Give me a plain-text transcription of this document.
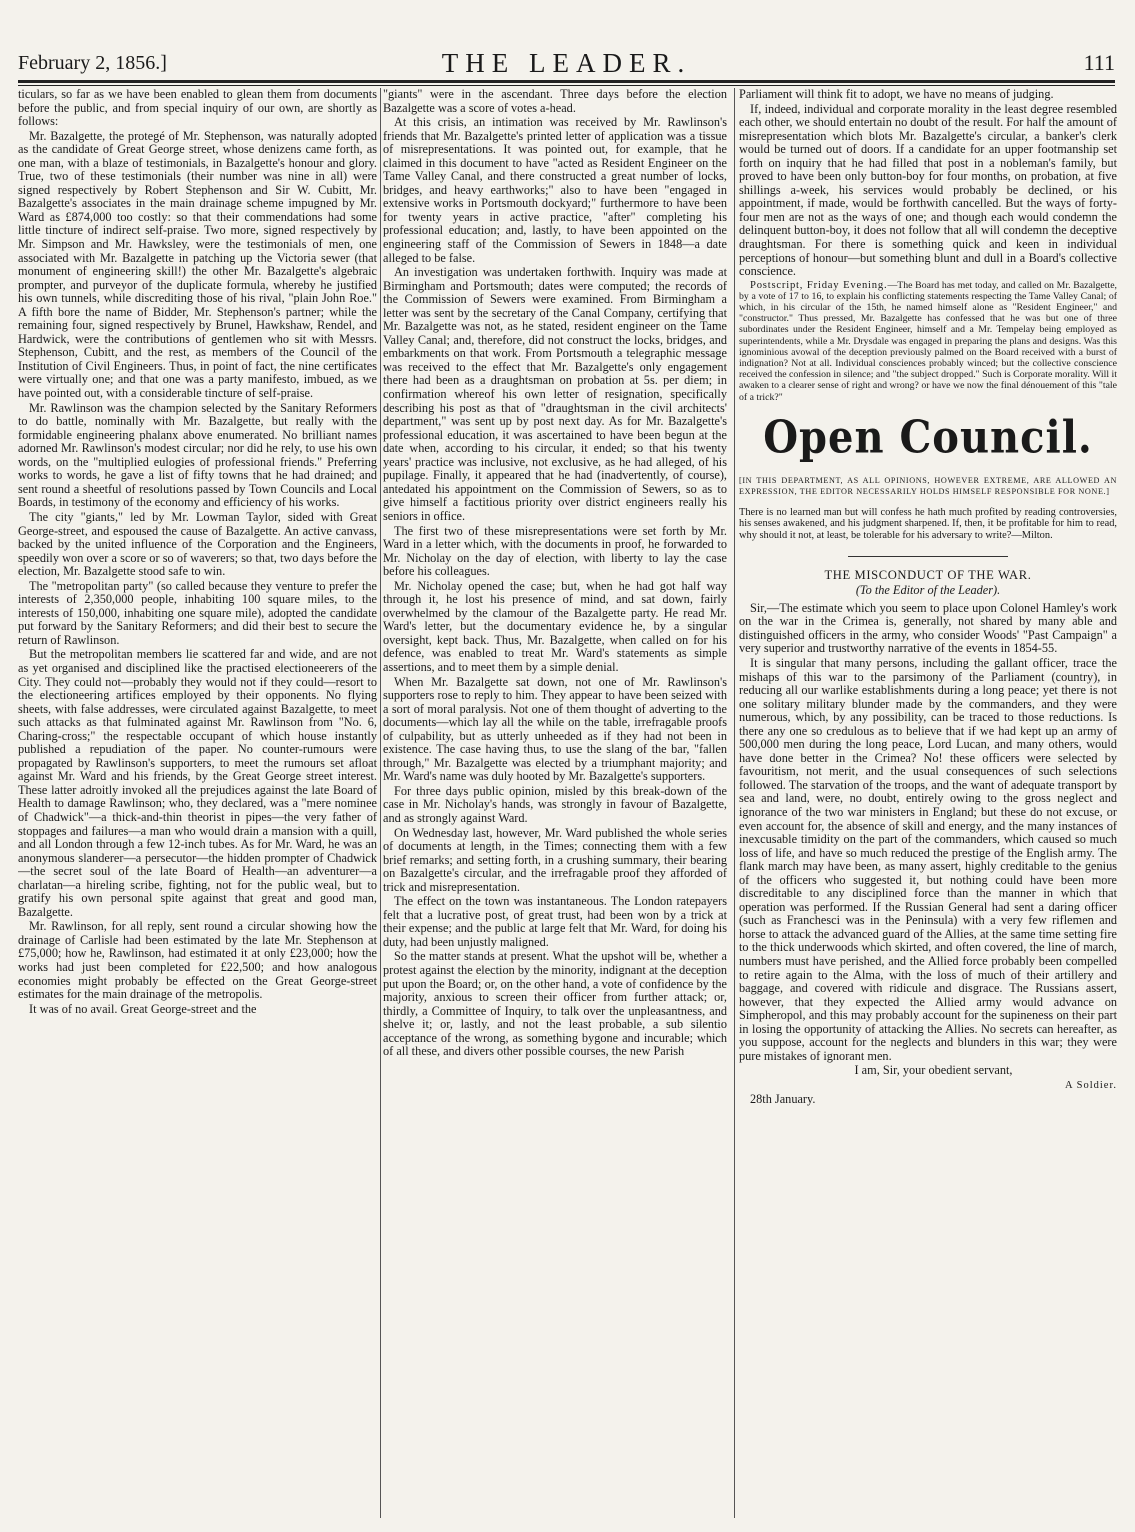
February 2, 1856.]	THE LEADER.	111

ticulars, so far as we have been enabled to glean them from documents before the public, and from special inquiry of our own, are shortly as follows:

Mr. Bazalgette, the protegé of Mr. Stephenson, was naturally adopted as the candidate of Great George street, whose denizens came forth, as one man, with a blaze of testimonials, in Bazalgette's honour and glory. True, two of these testimonials (their number was nine in all) were signed respectively by Robert Stephenson and Sir W. Cubitt, Mr. Bazalgette's associates in the main drainage scheme impugned by Mr. Ward as £874,000 too costly: so that their commendations had some little tincture of indirect self-praise. Two more, signed respectively by Mr. Simpson and Mr. Hawksley, were the testimonials of men, one associated with Mr. Bazalgette in patching up the Victoria sewer (that monument of engineering skill!) the other Mr. Bazalgette's algebraic prompter, and purveyor of the duplicate formula, whereby he justified his own tunnels, while discrediting those of his rival, "plain John Roe." A fifth bore the name of Bidder, Mr. Stephenson's partner; while the remaining four, signed respectively by Brunel, Hawkshaw, Rendel, and Hardwick, were the contributions of gentlemen who sit with Messrs. Stephenson, Cubitt, and the rest, as members of the Council of the Institution of Civil Engineers. Thus, in point of fact, the nine certificates were virtually one; and that one was a party manifesto, imbued, as we have pointed out, with a considerable tincture of self-praise.

Mr. Rawlinson was the champion selected by the Sanitary Reformers to do battle, nominally with Mr. Bazalgette, but really with the formidable engineering phalanx above enumerated. No brilliant names adorned Mr. Rawlinson's modest circular; nor did he rely, to use his own words, on the "multiplied eulogies of professional friends." Preferring works to words, he gave a list of fifty towns that he had drained; and sent round a sheetful of resolutions passed by Town Councils and Local Boards, in testimony of the economy and efficiency of his works.

The city "giants," led by Mr. Lowman Taylor, sided with Great George-street, and espoused the cause of Bazalgette. An active canvass, backed by the united influence of the Corporation and the Engineers, speedily won over a score or so of waverers; so that, two days before the election, Mr. Bazalgette stood safe to win.

The "metropolitan party" (so called because they venture to prefer the interests of 2,350,000 people, inhabiting 100 square miles, to the interests of 150,000, inhabiting one square mile), adopted the candidate put forward by the Sanitary Reformers; and did their best to secure the return of Rawlinson.

But the metropolitan members lie scattered far and wide, and are not as yet organised and disciplined like the practised electioneerers of the City. They could not—probably they would not if they could—resort to the electioneering artifices employed by their opponents. No flying sheets, with false addresses, were circulated against Bazalgette, to meet such attacks as that fulminated against Mr. Rawlinson from "No. 6, Charing-cross;" the respectable occupant of which house instantly published a repudiation of the paper. No counter-rumours were propagated by Rawlinson's supporters, to meet the rumours set afloat against Mr. Ward and his friends, by the Great George street interest. These latter adroitly invoked all the prejudices against the late Board of Health to damage Rawlinson; who, they declared, was a "mere nominee of Chadwick"—a thick-and-thin theorist in pipes—the very father of stoppages and failures—a man who would drain a mansion with a quill, and all London through a few 12-inch tubes. As for Mr. Ward, he was an anonymous slanderer—a persecutor—the hidden prompter of Chadwick—the secret soul of the late Board of Health—an adventurer—a charlatan—a hireling scribe, fighting, not for the public weal, but to gratify his own personal spite against that great and good man, Bazalgette.

Mr. Rawlinson, for all reply, sent round a circular showing how the drainage of Carlisle had been estimated by the late Mr. Stephenson at £75,000; how he, Rawlinson, had estimated it at only £23,000; how the works had just been completed for £22,500; and how analogous economies might probably be effected on the Great George-street estimates for the main drainage of the metropolis.

It was of no avail. Great George-street and the

"giants" were in the ascendant. Three days before the election Bazalgette was a score of votes a-head.

At this crisis, an intimation was received by Mr. Rawlinson's friends that Mr. Bazalgette's printed letter of application was a tissue of misrepresentations. It was pointed out, for example, that he claimed in this document to have "acted as Resident Engineer on the Tame Valley Canal, and there constructed a great number of locks, bridges, and heavy earthworks;" also to have been "engaged in extensive works in Portsmouth dockyard;" furthermore to have been for twenty years in active practice, "after" completing his professional education; and, lastly, to have been appointed on the engineering staff of the Commission of Sewers in 1848—a date alleged to be false.

An investigation was undertaken forthwith. Inquiry was made at Birmingham and Portsmouth; dates were computed; the records of the Commission of Sewers were examined. From Birmingham a letter was sent by the secretary of the Canal Company, certifying that Mr. Bazalgette was not, as he stated, resident engineer on the Tame Valley Canal; and, therefore, did not construct the locks, bridges, and embarkments on that work. From Portsmouth a telegraphic message was received to the effect that Mr. Bazalgette's only engagement there had been as a draughtsman on probation at 5s. per diem; in confirmation whereof his own letter of resignation, specifically describing his post as that of "draughtsman in the civil architects' department," was sent up by post next day. As for Mr. Bazalgette's professional education, it was ascertained to have been begun at the date when, according to his circular, it ended; so that his twenty years' practice was inclusive, not exclusive, as he had alleged, of his pupilage. Finally, it appeared that he had (inadvertently, of course), antedated his appointment on the Commission of Sewers, so as to give himself a factitious priority over district engineers really his seniors in office.

The first two of these misrepresentations were set forth by Mr. Ward in a letter which, with the documents in proof, he forwarded to Mr. Nicholay on the day of election, with liberty to lay the case before his colleagues.

Mr. Nicholay opened the case; but, when he had got half way through it, he lost his presence of mind, and sat down, fairly overwhelmed by the clamour of the Bazalgette party. He read Mr. Ward's letter, but the documentary evidence he, by a singular oversight, kept back. Thus, Mr. Bazalgette, when called on for his defence, was enabled to treat Mr. Ward's statements as simple assertions, and to meet them by a simple denial.

When Mr. Bazalgette sat down, not one of Mr. Rawlinson's supporters rose to reply to him. They appear to have been seized with a sort of moral paralysis. Not one of them thought of adverting to the documents—which lay all the while on the table, irrefragable proofs of culpability, but as utterly unheeded as if they had not been in existence. The case having thus, to use the slang of the bar, "fallen through," Mr. Bazalgette was elected by a triumphant majority; and Mr. Ward's name was duly hooted by Mr. Bazalgette's supporters.

For three days public opinion, misled by this break-down of the case in Mr. Nicholay's hands, was strongly in favour of Bazalgette, and as strongly against Ward.

On Wednesday last, however, Mr. Ward published the whole series of documents at length, in the Times; connecting them with a few brief remarks; and setting forth, in a crushing summary, their bearing on Bazalgette's circular, and the irrefragable proof they afforded of trick and misrepresentation.

The effect on the town was instantaneous. The London ratepayers felt that a lucrative post, of great trust, had been won by a trick at their expense; and the public at large felt that Mr. Ward, for doing his duty, had been unjustly maligned.

So the matter stands at present. What the upshot will be, whether a protest against the election by the minority, indignant at the deception put upon the Board; or, on the other hand, a vote of confidence by the majority, anxious to screen their officer from further attack; or, thirdly, a Committee of Inquiry, to talk over the unpleasantness, and shelve it; or, lastly, and not the least probable, a sub silentio acceptance of the wrong, as something bygone and incurable; which of all these, and divers other possible courses, the new Parish

Parliament will think fit to adopt, we have no means of judging.

If, indeed, individual and corporate morality in the least degree resembled each other, we should entertain no doubt of the result. For half the amount of misrepresentation which blots Mr. Bazalgette's circular, a banker's clerk would be turned out of doors. If a candidate for an upper footmanship set forth on inquiry that he had filled that post in a nobleman's family, but proved to have been only button-boy for four months, on probation, at five shillings a-week, his services would probably be declined, or his appointment, if made, would be forthwith cancelled. But the ways of forty-four men are not as the ways of one; and though each would condemn the delinquent button-boy, it does not follow that all will condemn the deceptive draughtsman. For there is something quick and keen in individual perceptions of honour—but something blunt and dull in a Board's collective conscience.

Postscript, Friday Evening.—The Board has met today, and called on Mr. Bazalgette, by a vote of 17 to 16, to explain his conflicting statements respecting the Tame Valley Canal; of which, in his circular of the 15th, he named himself alone as "Resident Engineer," and "constructor." Thus pressed, Mr. Bazalgette has confessed that he was but one of three subordinates under the Resident Engineer, himself and a Mr. Tempelay being employed as superintendents, while a Mr. Drysdale was engaged in preparing the plans and designs. Was this ignominious avowal of the deception previously palmed on the Board received with a burst of indignation? Not at all. Individual consciences probably winced; but the collective conscience received the confession in silence; and "the subject dropped." Such is Corporate morality. Will it awaken to a clearer sense of right and wrong? or have we now the final dénouement of this "tale of a trick?"

Open Council.
[IN THIS DEPARTMENT, AS ALL OPINIONS, HOWEVER EXTREME, ARE ALLOWED AN EXPRESSION, THE EDITOR NECESSARILY HOLDS HIMSELF RESPONSIBLE FOR NONE.]
There is no learned man but will confess he hath much profited by reading controversies, his senses awakened, and his judgment sharpened. If, then, it be profitable for him to read, why should it not, at least, be tolerable for his adversary to write?—Milton.
THE MISCONDUCT OF THE WAR.
(To the Editor of the Leader).

Sir,—The estimate which you seem to place upon Colonel Hamley's work on the war in the Crimea is, generally, not shared by many able and distinguished officers in the army, who consider Woods' "Past Campaign" a very superior and trustworthy narrative of the events in 1854-55.

It is singular that many persons, including the gallant officer, trace the mishaps of this war to the parsimony of the Parliament (country), in reducing all our warlike establishments during a long peace; yet there is not one solitary military blunder made by the commanders, and they were numerous, which, by any possibility, can be traced to those reductions. Is there any one so credulous as to believe that if we had kept up an army of 500,000 men during the long peace, Lord Lucan, and many others, would have done better in the Crimea? No! these officers were selected by favouritism, not merit, and the usual consequences of such selections followed. The starvation of the troops, and the want of adequate transport by sea and land, were, no doubt, entirely owing to the gross neglect and ignorance of the two war ministers in England; but these do not excuse, or even account for, the absence of skill and energy, and the many instances of inexcusable timidity on the part of the commanders, which caused so much loss of life, and have so much reduced the prestige of the English army. The flank march may have been, as many assert, highly creditable to the genius of the officers who suggested it, but nothing could have been more discreditable to any disciplined force than the manner in which that operation was performed. If the Russian General had sent a daring officer (such as Franchesci was in the Peninsula) with a very few riflemen and horse to attack the advanced guard of the Allies, at the same time setting fire to the thick underwoods which skirted, and often covered, the line of march, numbers must have perished, and the Allied force probably been compelled to retire again to the Alma, with the loss of much of their artillery and baggage, and covered with ridicule and disgrace. The Russians assert, however, that they expected the Allied army would advance on Simpheropol, and this may probably account for the supineness on their part in losing the opportunity of attacking the Allies. No secrets can hereafter, as you suppose, account for the neglects and blunders in this war; they were pure mistakes of ignorant men.

I am, Sir, your obedient servant,

A Soldier.

28th January.
